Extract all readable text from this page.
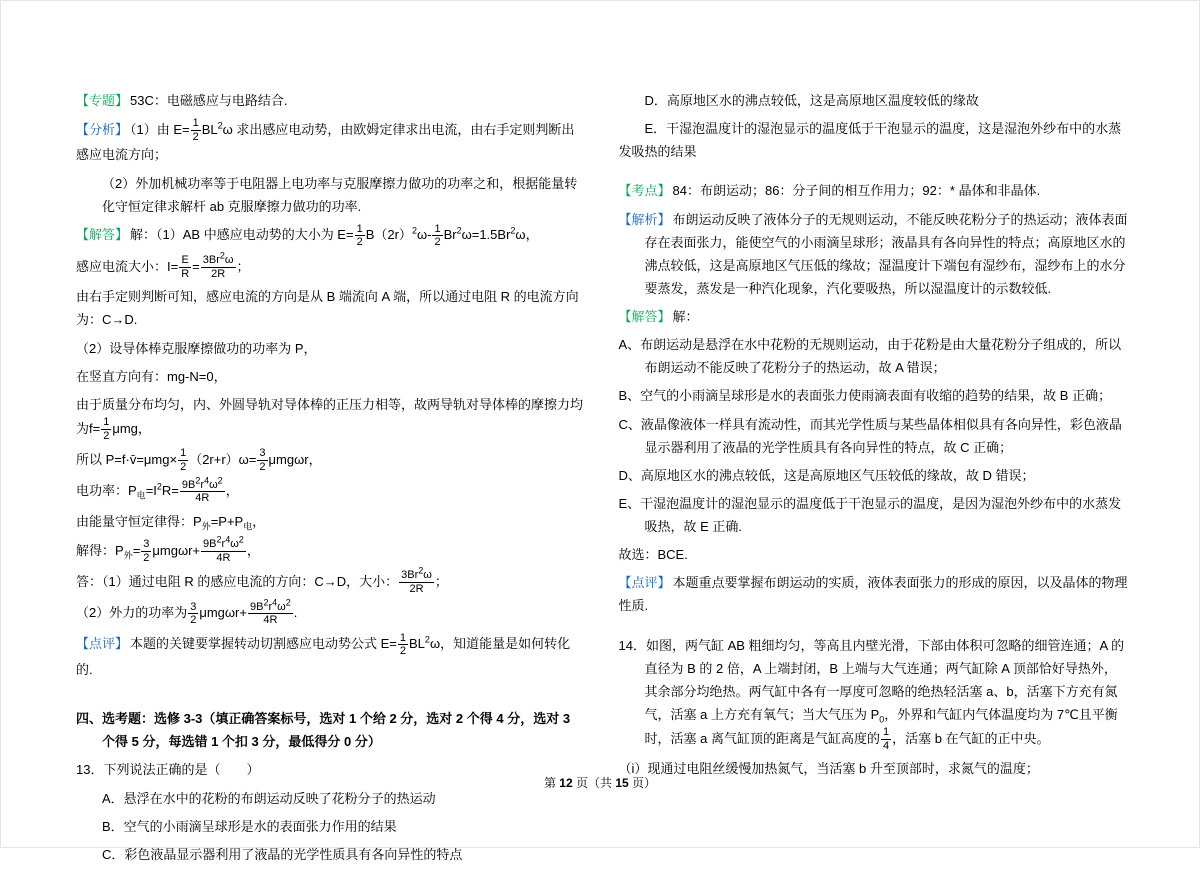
【专题】 53C：电磁感应与电路结合.

【分析】 （1）由 $E= \frac{1}{2} BL^2\omega$ 求出感应电动势，由欧姆定律求出电流，由右手定则判断出感应电流方向；

（2）外加机械功率等于电阻器上电功率与克服摩擦力做功的功率之和，根据能量转化守恒定律求解杆 ab 克服摩擦力做功的功率.

【解答】 解：（1）AB 中感应电动势的大小为 $E= \frac{1}{2} B(2r)^2\omega- \frac{1}{2} Br^2\omega=1.5Br^2\omega$，

感应电流大小：$I= \frac{E}{R} = \frac{3Br^2\omega}{2R}$ ；

由右手定则判断可知，感应电流的方向是从 B 端流向 A 端，所以通过电阻 R 的电流方向为：C→D.

（2）设导体棒克服摩擦做功的功率为 P，

在竖直方向有：mg-N=0，

由于质量分布均匀，内、外圆导轨对导体棒的正压力相等，故两导轨对导体棒的摩擦力均为$f= \frac{1}{2}$ μmg，

所以 P=f·v̄=μmg× $\frac{1}{2} (2r+r)\omega= \frac{3}{2}$ μmgωr，

电功率：$P_电=I^2R= \frac{9B^2r^4\omega^2}{4R}$ ，

由能量守恒定律得：$P_外=P+P_电$，

解得：$P_外= \frac{3}{2} \mu mg\omega r+ \frac{9B^2r^4\omega^2}{4R}$ ，

答：（1）通过电阻 R 的感应电流的方向：C→D，大小： $\frac{3Br^2\omega}{2R}$ ；

（2）外力的功率为 $\frac{3}{2} \mu mg\omega r+ \frac{9B^2r^4\omega^2}{4R}$ .

【点评】 本题的关键要掌握转动切割感应电动势公式 $E= \frac{1}{2} BL^2\omega$，知道能量是如何转化的.

四、选考题：选修 3-3（填正确答案标号，选对 1 个给 2 分，选对 2 个得 4 分，选对 3 个得 5 分，每选错 1 个扣 3 分，最低得分 0 分）

13．下列说法正确的是（　　）

A．悬浮在水中的花粉的布朗运动反映了花粉分子的热运动

B．空气的小雨滴呈球形是水的表面张力作用的结果

C．彩色液晶显示器利用了液晶的光学性质具有各向异性的特点

D．高原地区水的沸点较低，这是高原地区温度较低的缘故

E．干湿泡温度计的湿泡显示的温度低于干泡显示的温度，这是湿泡外纱布中的水蒸发吸热的结果

【考点】 84：布朗运动；86：分子间的相互作用力；92：* 晶体和非晶体.

【解析】 布朗运动反映了液体分子的无规则运动，不能反映花粉分子的热运动；液体表面存在表面张力，能使空气的小雨滴呈球形；液晶具有各向异性的特点；高原地区水的沸点较低，这是高原地区气压低的缘故；湿温度计下端包有湿纱布，湿纱布上的水分要蒸发，蒸发是一种汽化现象，汽化要吸热，所以湿温度计的示数较低.

【解答】 解：

A、布朗运动是悬浮在水中花粉的无规则运动，由于花粉是由大量花粉分子组成的，所以布朗运动不能反映了花粉分子的热运动，故 A 错误；

B、空气的小雨滴呈球形是水的表面张力使雨滴表面有收缩的趋势的结果，故 B 正确；

C、液晶像液体一样具有流动性，而其光学性质与某些晶体相似具有各向异性，彩色液晶显示器利用了液晶的光学性质具有各向异性的特点，故 C 正确；

D、高原地区水的沸点较低，这是高原地区气压较低的缘故，故 D 错误；

E、干湿泡温度计的湿泡显示的温度低于干泡显示的温度，是因为湿泡外纱布中的水蒸发吸热，故 E 正确.

故选：BCE.

【点评】 本题重点要掌握布朗运动的实质，液体表面张力的形成的原因，以及晶体的物理性质.

14．如图，两气缸 AB 粗细均匀，等高且内壁光滑，下部由体积可忽略的细管连通；A 的直径为 B 的 2 倍，A 上端封闭，B 上端与大气连通；两气缸除 A 顶部恰好导热外，其余部分均绝热。两气缸中各有一厚度可忽略的绝热轻活塞 a、b，活塞下方充有氮气，活塞 a 上方充有氧气；当大气压为 $P_0$，外界和气缸内气体温度均为 7℃且平衡时，活塞 a 离气缸顶的距离是气缸高度的 $\frac{1}{4}$ ，活塞 b 在气缸的正中央。

（i）现通过电阻丝缓慢加热氮气，当活塞 b 升至顶部时，求氮气的温度；

第 12 页（共 15 页）
